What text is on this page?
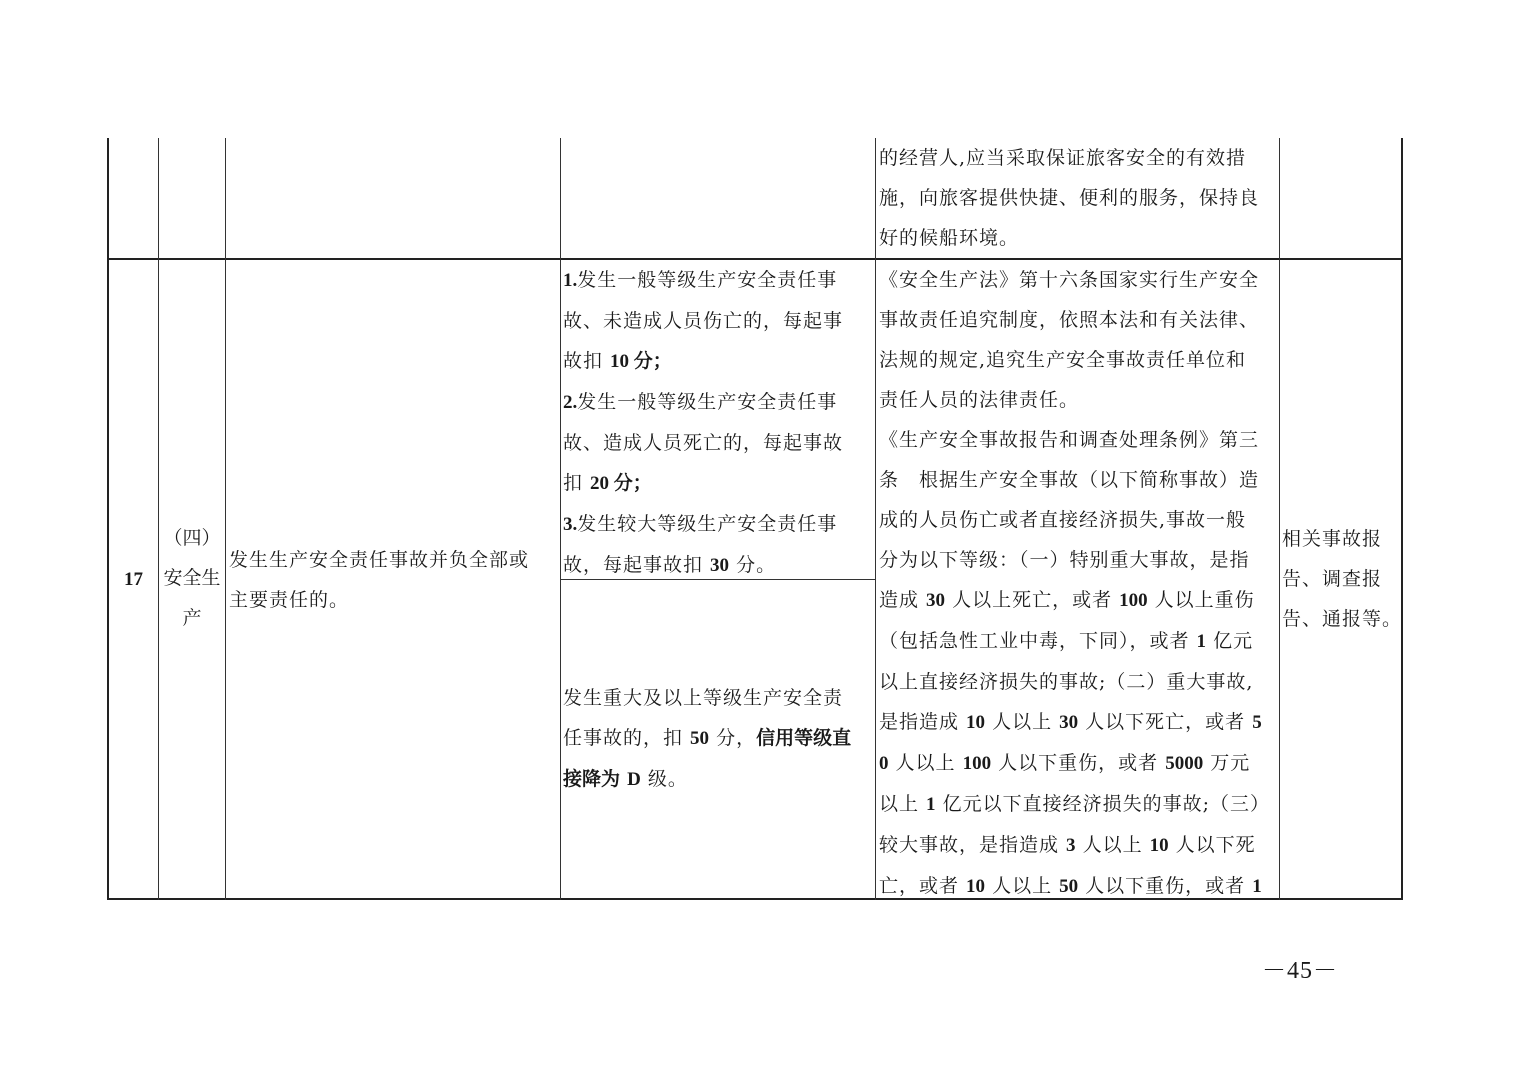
的经营人,应当采取保证旅客安全的有效措

施，向旅客提供快捷、便利的服务，保持良

好的候船环境。

17

（四）

安全生

产

发生生产安全责任事故并负全部或

主要责任的。

1.发生一般等级生产安全责任事

故、未造成人员伤亡的，每起事

故扣 10 分；

2.发生一般等级生产安全责任事

故、造成人员死亡的，每起事故

扣 20 分；

3.发生较大等级生产安全责任事

故，每起事故扣 30 分。

发生重大及以上等级生产安全责

任事故的，扣 50 分，信用等级直

接降为 D 级。

《安全生产法》第十六条国家实行生产安全

事故责任追究制度，依照本法和有关法律、

法规的规定,追究生产安全事故责任单位和

责任人员的法律责任。

《生产安全事故报告和调查处理条例》第三

条　根据生产安全事故（以下简称事故）造

成的人员伤亡或者直接经济损失,事故一般

分为以下等级：（一）特别重大事故，是指

造成 30 人以上死亡，或者 100 人以上重伤

（包括急性工业中毒，下同），或者 1 亿元

以上直接经济损失的事故;（二）重大事故,

是指造成 10 人以上 30 人以下死亡，或者 5

0 人以上 100 人以下重伤，或者 5000 万元

以上 1 亿元以下直接经济损失的事故;（三）

较大事故，是指造成 3 人以上 10 人以下死

亡，或者 10 人以上 50 人以下重伤，或者 1

相关事故报

告、调查报

告、通报等。

－45－
